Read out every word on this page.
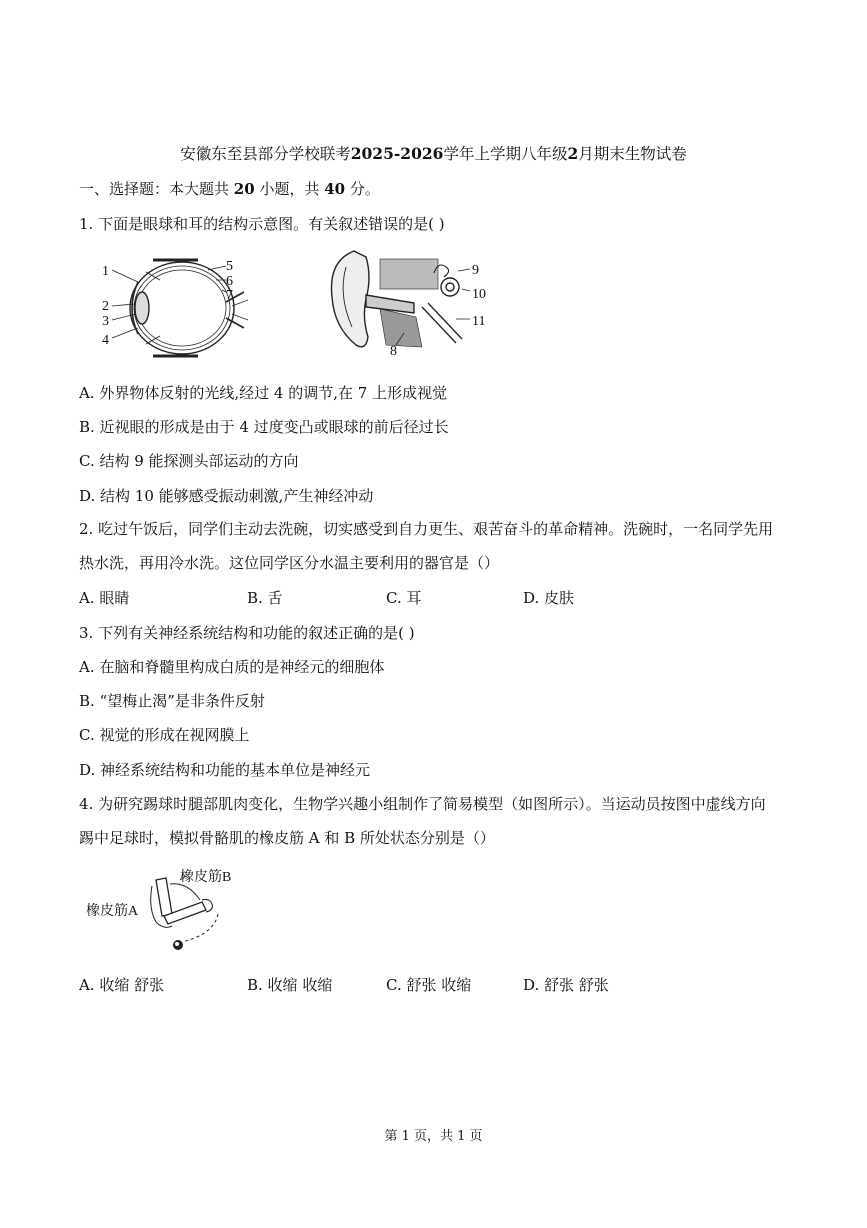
安徽东至县部分学校联考2025-2026学年上学期八年级2月期末生物试卷
一、选择题：本大题共 20 小题，共 40 分。
1. 下面是眼球和耳的结构示意图。有关叙述错误的是( )
1
2
3
4
5
6
7
9
10
11
8
A. 外界物体反射的光线,经过 4 的调节,在 7 上形成视觉
B. 近视眼的形成是由于 4 过度变凸或眼球的前后径过长
C. 结构 9 能探测头部运动的方向
D. 结构 10 能够感受振动刺激,产生神经冲动
2. 吃过午饭后，同学们主动去洗碗，切实感受到自力更生、艰苦奋斗的革命精神。洗碗时，一名同学先用
热水洗，再用冷水洗。这位同学区分水温主要利用的器官是（）
A. 眼睛	B. 舌	C. 耳	D. 皮肤
3. 下列有关神经系统结构和功能的叙述正确的是( )
A. 在脑和脊髓里构成白质的是神经元的细胞体
B. “望梅止渴”是非条件反射
C. 视觉的形成在视网膜上
D. 神经系统结构和功能的基本单位是神经元
4. 为研究踢球时腿部肌肉变化，生物学兴趣小组制作了简易模型（如图所示）。当运动员按图中虚线方向
踢中足球时，模拟骨骼肌的橡皮筋 A 和 B 所处状态分别是（）
橡皮筋B
橡皮筋A
A. 收缩 舒张	B. 收缩 收缩	C. 舒张 收缩	D. 舒张 舒张
第 1 页，共 1 页
